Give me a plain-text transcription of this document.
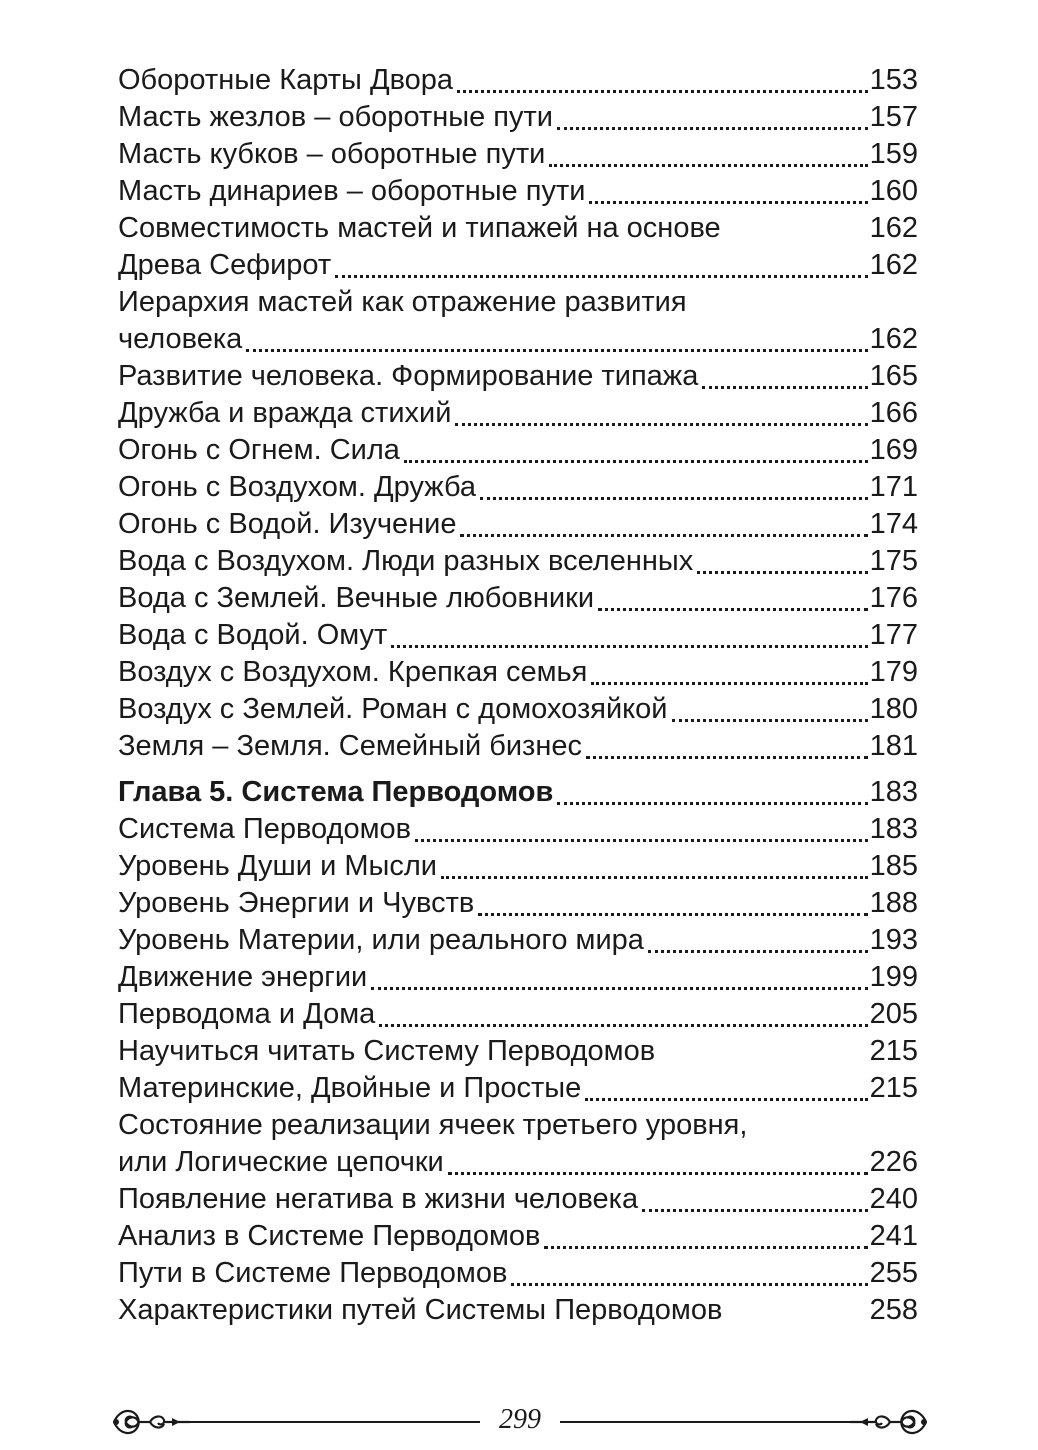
Оборотные Карты Двора	153
Масть жезлов – оборотные пути	157
Масть кубков – оборотные пути	159
Масть динариев – оборотные пути	160
Совместимость мастей и типажей на основе	162
Древа Сефирот	162
Иерархия мастей как отражение развития
человека	162
Развитие человека. Формирование типажа	165
Дружба и вражда стихий	166
Огонь с Огнем. Сила	169
Огонь с Воздухом. Дружба	171
Огонь с Водой. Изучение	174
Вода с Воздухом. Люди разных вселенных	175
Вода с Землей. Вечные любовники	176
Вода с Водой. Омут	177
Воздух с Воздухом. Крепкая семья	179
Воздух с Землей. Роман с домохозяйкой	180
Земля – Земля. Семейный бизнес	181
Глава 5. Система Перводомов	183
Система Перводомов	183
Уровень Души и Мысли	185
Уровень Энергии и Чувств	188
Уровень Материи, или реального мира	193
Движение энергии	199
Перводома и Дома	205
Научиться читать Систему Перводомов	215
Материнские, Двойные и Простые	215
Состояние реализации ячеек третьего уровня,
или Логические цепочки	226
Появление негатива в жизни человека	240
Анализ в Системе Перводомов	241
Пути в Системе Перводомов	255
Характеристики путей Системы Перводомов	258
299
